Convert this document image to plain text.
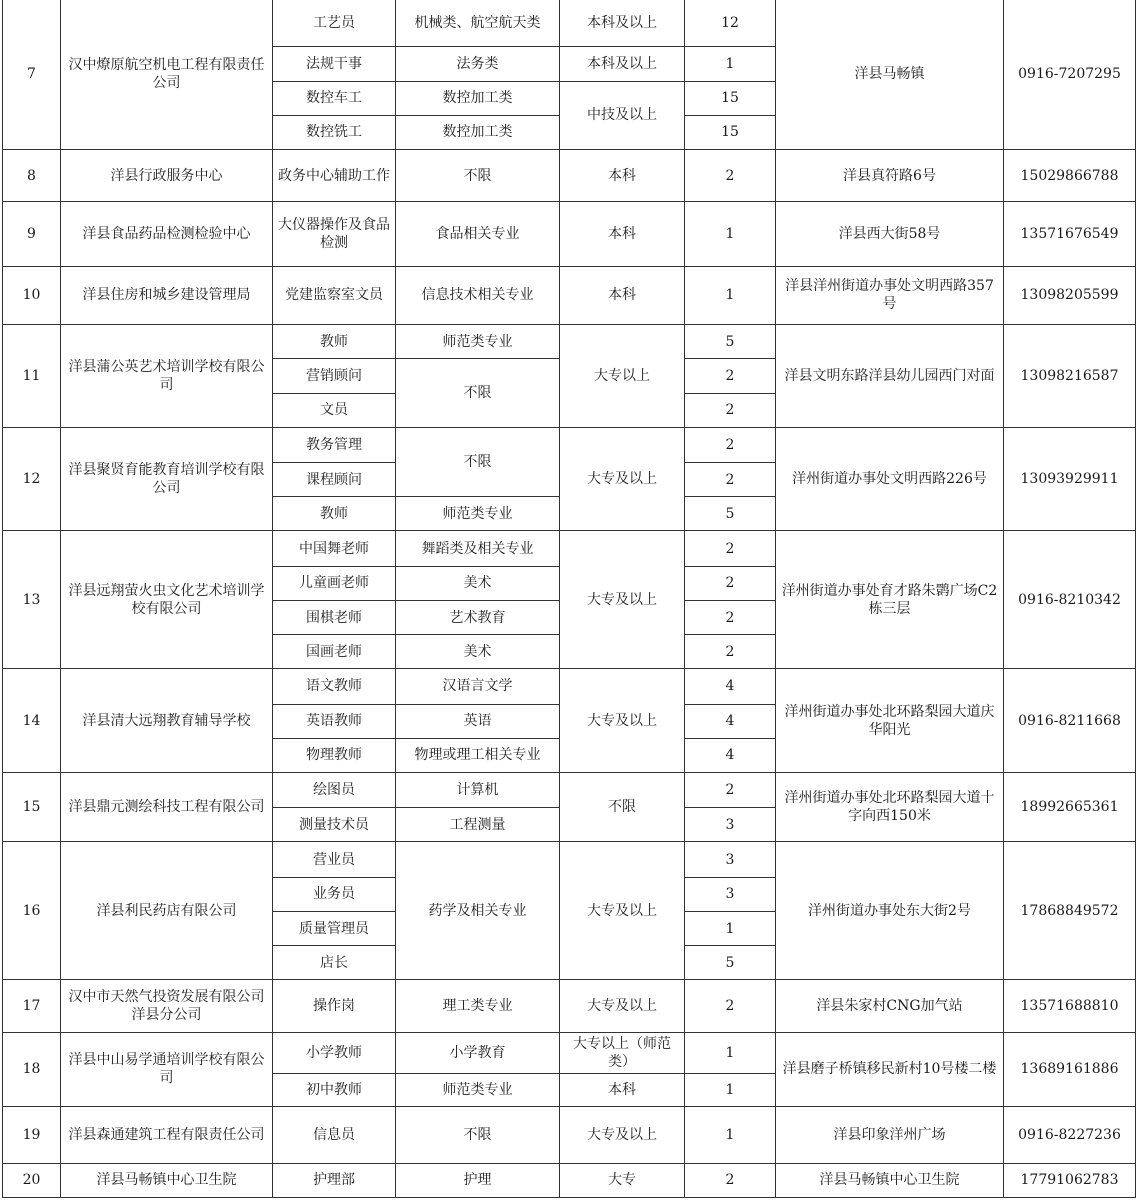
7	汉中燎原航空机电工程有限责任公司	工艺员	机械类、航空航天类	本科及以上	12	洋县马畅镇	0916-7207295
		法规干事	法务类	本科及以上	1		
		数控车工	数控加工类	中技及以上	15		
		数控铣工	数控加工类		15		
8	洋县行政服务中心	政务中心辅助工作	不限	本科	2	洋县真符路6号	15029866788
9	洋县食品药品检测检验中心	大仪器操作及食品检测	食品相关专业	本科	1	洋县西大街58号	13571676549
10	洋县住房和城乡建设管理局	党建监察室文员	信息技术相关专业	本科	1	洋县洋州街道办事处文明西路357号	13098205599
11	洋县蒲公英艺术培训学校有限公司	教师	师范类专业	大专以上	5	洋县文明东路洋县幼儿园西门对面	13098216587
		营销顾问	不限		2		
		文员			2		
12	洋县聚贤育能教育培训学校有限公司	教务管理	不限	大专及以上	2	洋州街道办事处文明西路226号	13093929911
		课程顾问			2		
		教师	师范类专业		5		
13	洋县远翔萤火虫文化艺术培训学校有限公司	中国舞老师	舞蹈类及相关专业	大专及以上	2	洋州街道办事处育才路朱鹮广场C2栋三层	0916-8210342
		儿童画老师	美术		2		
		围棋老师	艺术教育		2		
		国画老师	美术		2		
14	洋县清大远翔教育辅导学校	语文教师	汉语言文学	大专及以上	4	洋州街道办事处北环路梨园大道庆华阳光	0916-8211668
		英语教师	英语		4		
		物理教师	物理或理工相关专业		4		
15	洋县鼎元测绘科技工程有限公司	绘图员	计算机	不限	2	洋州街道办事处北环路梨园大道十字向西150米	18992665361
		测量技术员	工程测量		3		
16	洋县利民药店有限公司	营业员	药学及相关专业	大专及以上	3	洋州街道办事处东大街2号	17868849572
		业务员			3		
		质量管理员			1		
		店长			5		
17	汉中市天然气投资发展有限公司洋县分公司	操作岗	理工类专业	大专及以上	2	洋县朱家村CNG加气站	13571688810
18	洋县中山易学通培训学校有限公司	小学教师	小学教育	大专以上（师范类）	1	洋县磨子桥镇移民新村10号楼二楼	13689161886
		初中教师	师范类专业	本科	1		
19	洋县森通建筑工程有限责任公司	信息员	不限	大专及以上	1	洋县印象洋州广场	0916-8227236
20	洋县马畅镇中心卫生院	护理部	护理	大专	2	洋县马畅镇中心卫生院	17791062783
